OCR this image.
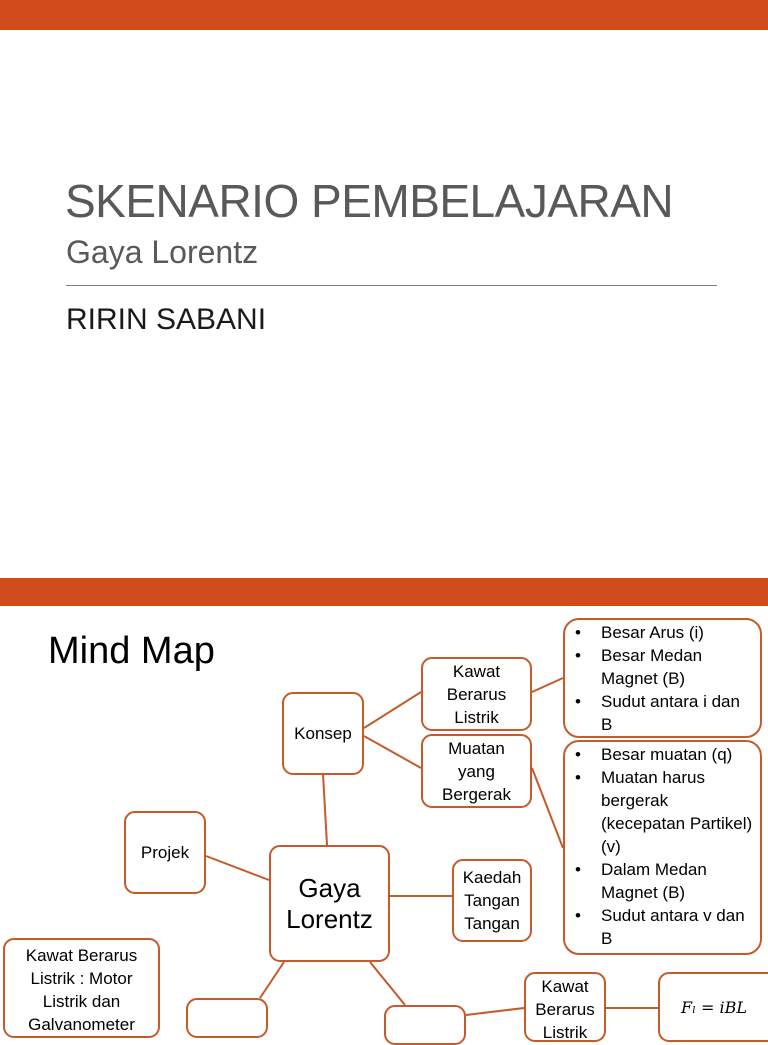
SKENARIO PEMBELAJARAN
Gaya Lorentz
RIRIN SABANI
Mind Map
Konsep
Kawat
Berarus
Listrik
Muatan
yang
Bergerak
Projek
Gaya
Lorentz
Kaedah
Tangan
Tangan
• Besar Arus (i)
• Besar Medan Magnet (B)
• Sudut antara i dan B
• Besar muatan (q)
• Muatan harus bergerak (kecepatan Partikel) (v)
• Dalam Medan Magnet (B)
• Sudut antara v dan B
Kawat Berarus
Listrik : Motor
Listrik dan
Galvanometer
Kawat
Berarus
Listrik
Fₗ = iBL
